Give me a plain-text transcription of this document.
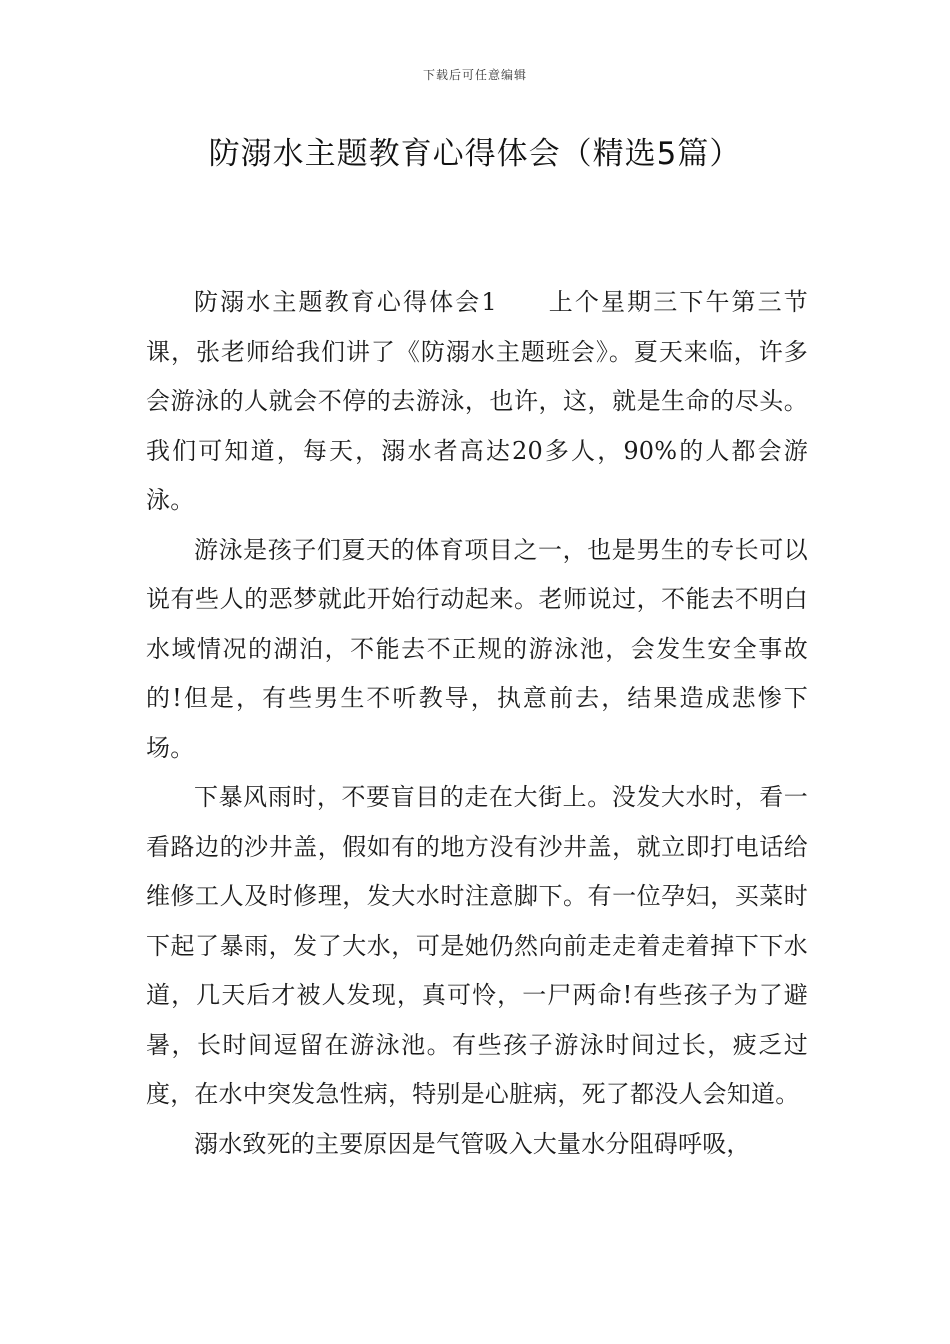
下载后可任意编辑
防溺水主题教育心得体会（精选5篇）

防溺水主题教育心得体会1 上个星期三下午第三节课，张老师给我们讲了《防溺水主题班会》。夏天来临，许多会游泳的人就会不停的去游泳，也许，这，就是生命的尽头。我们可知道，每天，溺水者高达20多人，90%的人都会游泳。

游泳是孩子们夏天的体育项目之一，也是男生的专长可以说有些人的恶梦就此开始行动起来。老师说过，不能去不明白水域情况的湖泊，不能去不正规的游泳池，会发生安全事故的!但是，有些男生不听教导，执意前去，结果造成悲惨下场。

下暴风雨时，不要盲目的走在大街上。没发大水时，看一看路边的沙井盖，假如有的地方没有沙井盖，就立即打电话给维修工人及时修理，发大水时注意脚下。有一位孕妇，买菜时下起了暴雨，发了大水，可是她仍然向前走走着走着掉下下水道，几天后才被人发现，真可怜，一尸两命!有些孩子为了避暑，长时间逗留在游泳池。有些孩子游泳时间过长，疲乏过度，在水中突发急性病，特别是心脏病，死了都没人会知道。

溺水致死的主要原因是气管吸入大量水分阻碍呼吸，
